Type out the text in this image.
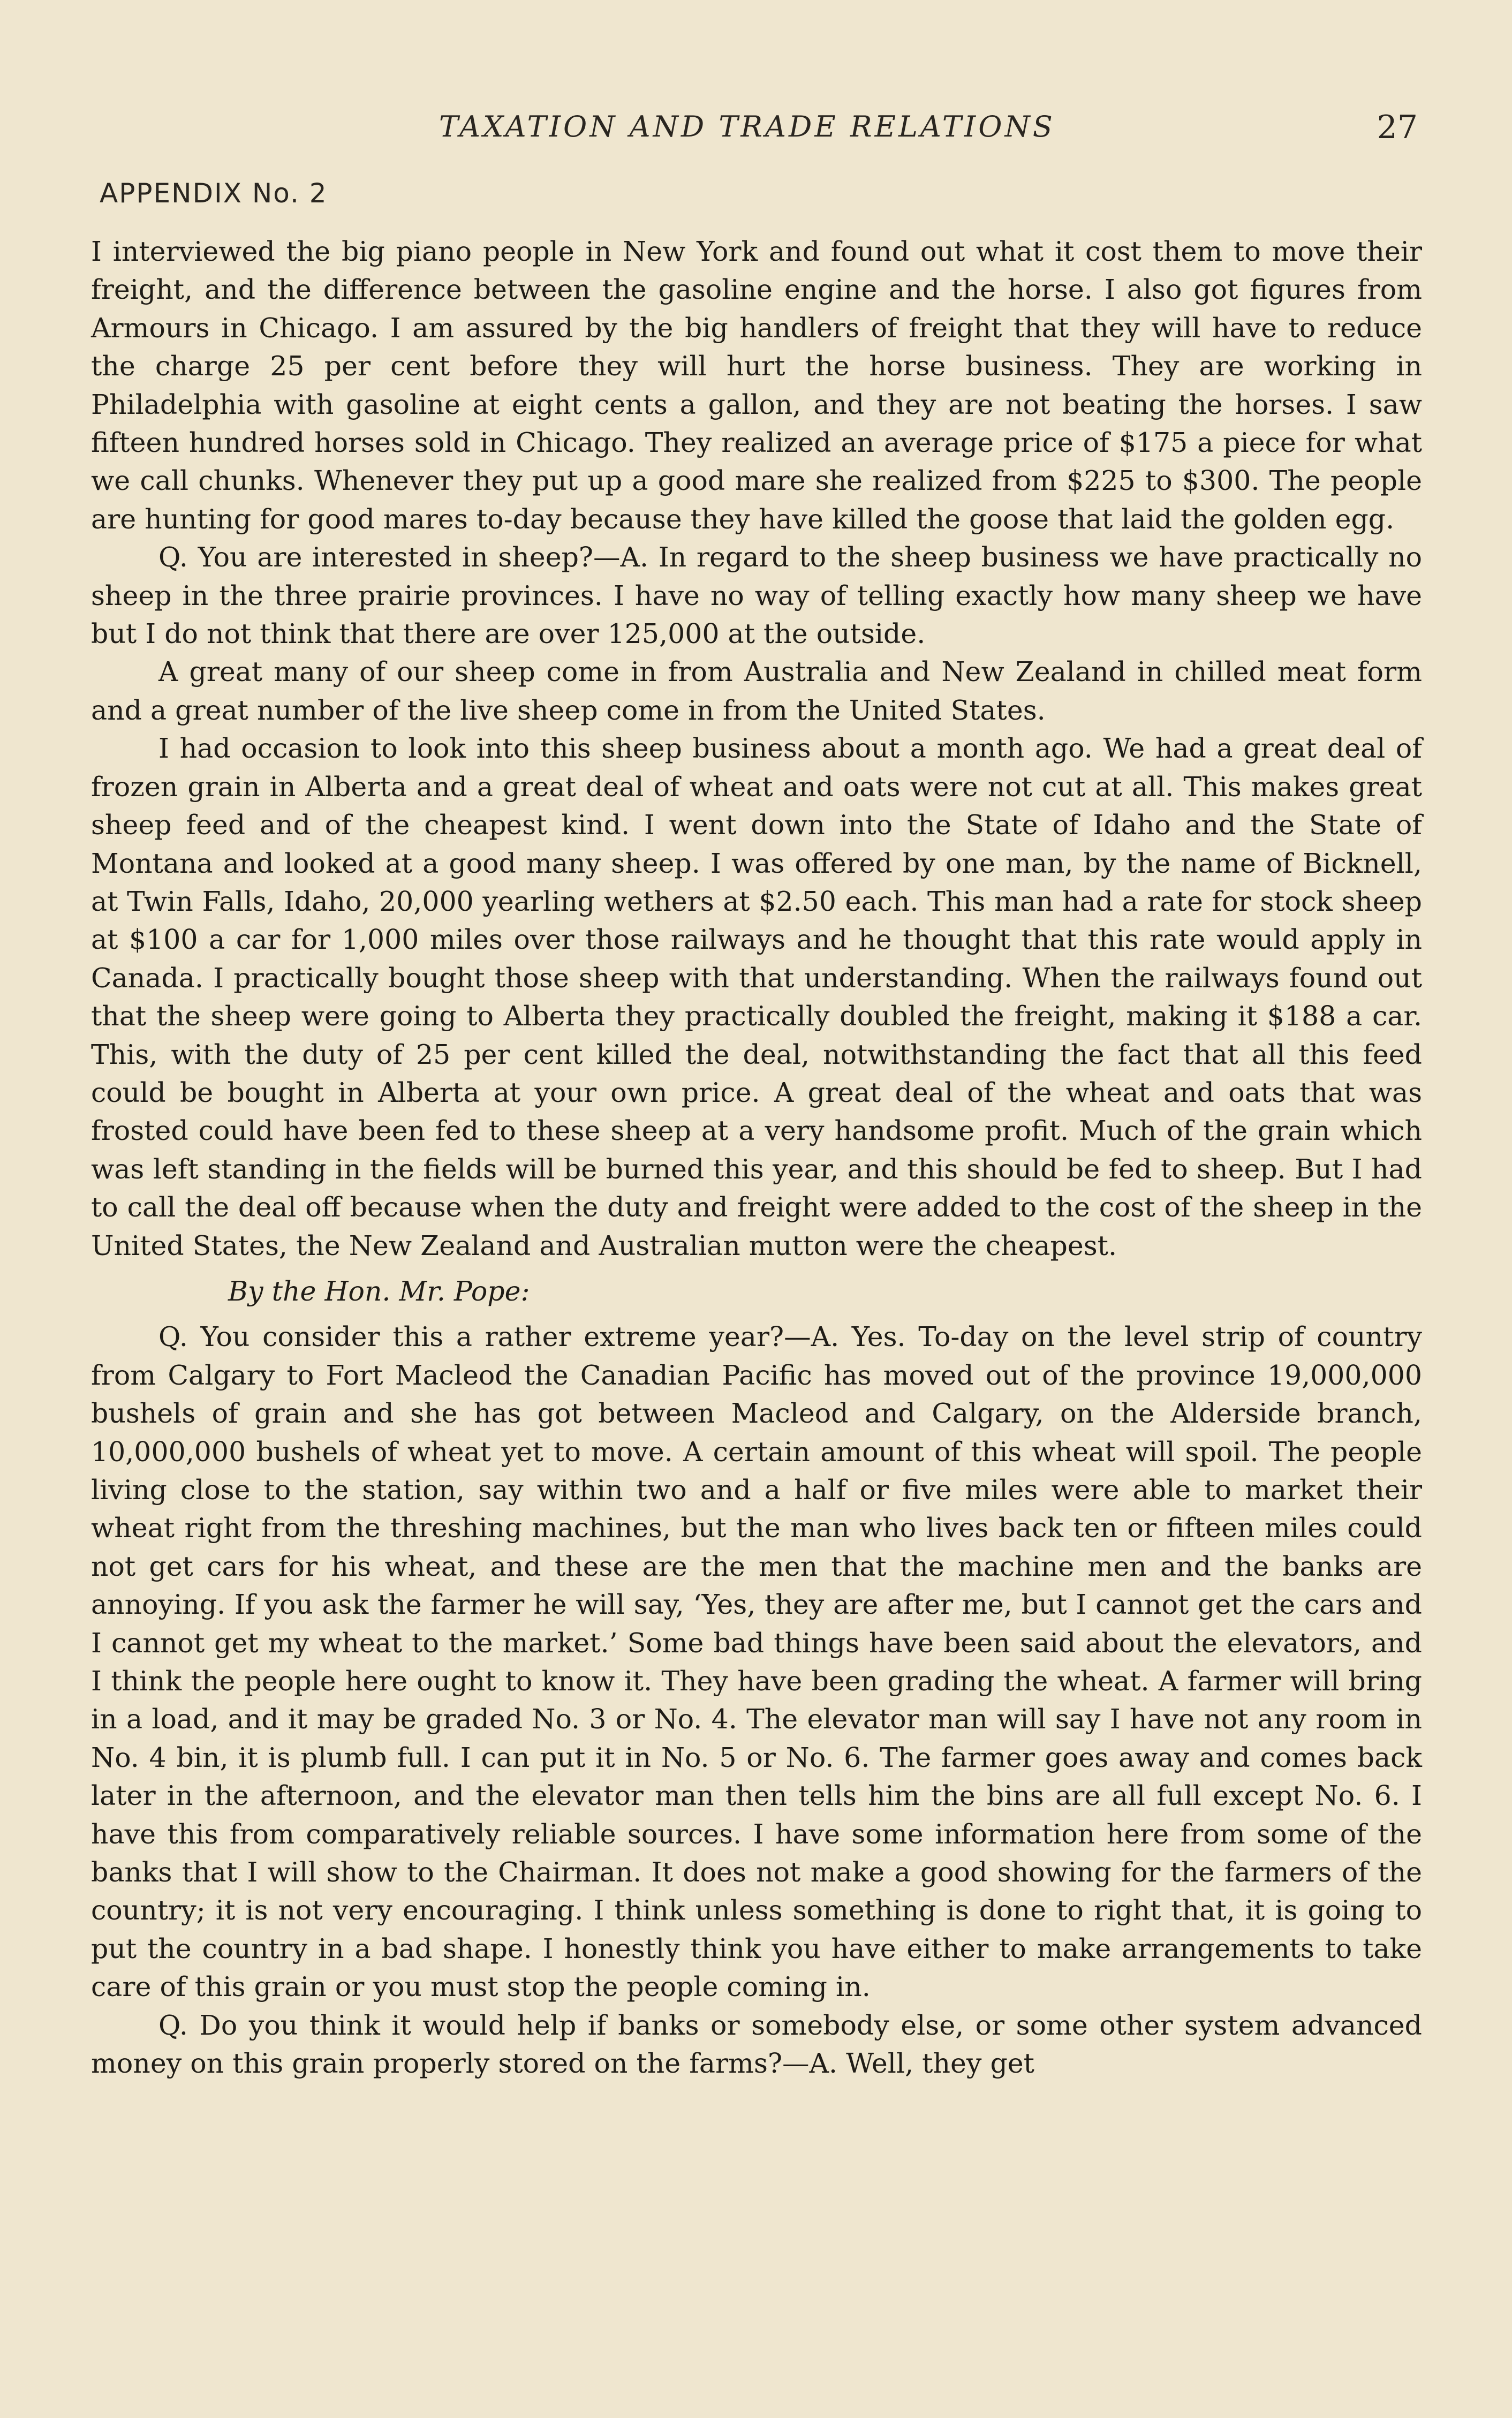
TAXATION AND TRADE RELATIONS	27
APPENDIX No. 2

I interviewed the big piano people in New York and found out what it cost them to move their freight, and the difference between the gasoline engine and the horse. I also got figures from Armours in Chicago. I am assured by the big handlers of freight that they will have to reduce the charge 25 per cent before they will hurt the horse business. They are working in Philadelphia with gasoline at eight cents a gallon, and they are not beating the horses. I saw fifteen hundred horses sold in Chicago. They realized an average price of $175 a piece for what we call chunks. Whenever they put up a good mare she realized from $225 to $300. The people are hunting for good mares to-day because they have killed the goose that laid the golden egg.

Q. You are interested in sheep?—A. In regard to the sheep business we have practically no sheep in the three prairie provinces. I have no way of telling exactly how many sheep we have but I do not think that there are over 125,000 at the outside.

A great many of our sheep come in from Australia and New Zealand in chilled meat form and a great number of the live sheep come in from the United States.

I had occasion to look into this sheep business about a month ago. We had a great deal of frozen grain in Alberta and a great deal of wheat and oats were not cut at all. This makes great sheep feed and of the cheapest kind. I went down into the State of Idaho and the State of Montana and looked at a good many sheep. I was offered by one man, by the name of Bicknell, at Twin Falls, Idaho, 20,000 yearling wethers at $2.50 each. This man had a rate for stock sheep at $100 a car for 1,000 miles over those railways and he thought that this rate would apply in Canada. I practically bought those sheep with that understanding. When the railways found out that the sheep were going to Alberta they practically doubled the freight, making it $188 a car. This, with the duty of 25 per cent killed the deal, notwithstanding the fact that all this feed could be bought in Alberta at your own price. A great deal of the wheat and oats that was frosted could have been fed to these sheep at a very handsome profit. Much of the grain which was left standing in the fields will be burned this year, and this should be fed to sheep. But I had to call the deal off because when the duty and freight were added to the cost of the sheep in the United States, the New Zealand and Australian mutton were the cheapest.

By the Hon. Mr. Pope:

Q. You consider this a rather extreme year?—A. Yes. To-day on the level strip of country from Calgary to Fort Macleod the Canadian Pacific has moved out of the province 19,000,000 bushels of grain and she has got between Macleod and Calgary, on the Alderside branch, 10,000,000 bushels of wheat yet to move. A certain amount of this wheat will spoil. The people living close to the station, say within two and a half or five miles were able to market their wheat right from the threshing machines, but the man who lives back ten or fifteen miles could not get cars for his wheat, and these are the men that the machine men and the banks are annoying. If you ask the farmer he will say, ‘Yes, they are after me, but I cannot get the cars and I cannot get my wheat to the market.’ Some bad things have been said about the elevators, and I think the people here ought to know it. They have been grading the wheat. A farmer will bring in a load, and it may be graded No. 3 or No. 4. The elevator man will say I have not any room in No. 4 bin, it is plumb full. I can put it in No. 5 or No. 6. The farmer goes away and comes back later in the afternoon, and the elevator man then tells him the bins are all full except No. 6. I have this from comparatively reliable sources. I have some information here from some of the banks that I will show to the Chairman. It does not make a good showing for the farmers of the country; it is not very encouraging. I think unless something is done to right that, it is going to put the country in a bad shape. I honestly think you have either to make arrangements to take care of this grain or you must stop the people coming in.

Q. Do you think it would help if banks or somebody else, or some other system advanced money on this grain properly stored on the farms?—A. Well, they get
